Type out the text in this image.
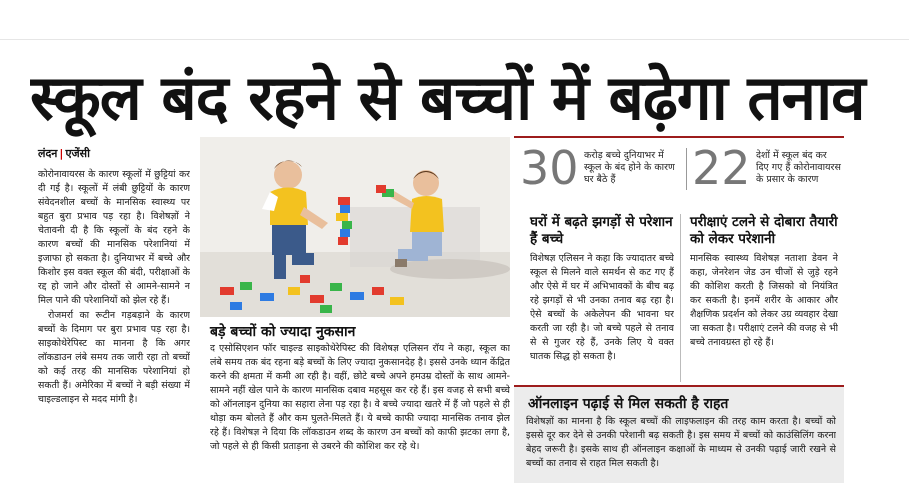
स्कूल बंद रहने से बच्चों में बढ़ेगा तनाव
लंदन | एजेंसी

कोरोनावायरस के कारण स्कूलों में छुट्टियां कर दी गई है। स्कूलों में लंबी छुट्टियों के कारण संवेदनशील बच्चों के मानसिक स्वास्थ्य पर बहुत बुरा प्रभाव पड़ रहा है। विशेषज्ञों ने चेतावनी दी है कि स्कूलों के बंद रहने के कारण बच्चों की मानसिक परेशानियां में इजाफा हो सकता है। दुनियाभर में बच्चे और किशोर इस वक्त स्कूल की बंदी, परीक्षाओं के रद्द हो जाने और दोस्तों से आमने-सामने न मिल पाने की परेशानियों को झेल रहे हैं।

रोजमर्रा का रूटीन गड़बड़ाने के कारण बच्चों के दिमाग पर बुरा प्रभाव पड़ रहा है। साइकोथेरेपिस्ट का मानना है कि अगर लॉकडाउन लंबे समय तक जारी रहा तो बच्चों को कई तरह की मानसिक परेशानियां हो सकती हैं। अमेरिका में बच्चों ने बड़ी संख्या में चाइल्डलाइन से मदद मांगी है।

बड़े बच्चों को ज्यादा नुकसान
द एसोसिएशन फॉर चाइल्ड साइकोथेरेपिस्ट की विशेषज्ञ एलिसन रॉय ने कहा, स्कूल का लंबे समय तक बंद रहना बड़े बच्चों के लिए ज्यादा नुकसानदेह है। इससे उनके ध्यान केंद्रित करने की क्षमता में कमी आ रही है। वहीं, छोटे बच्चे अपने हमउम्र दोस्तों के साथ आमने-सामने नहीं खेल पाने के कारण मानसिक दबाव महसूस कर रहे हैं। इस वजह से सभी बच्चे को ऑनलाइन दुनिया का सहारा लेना पड़ रहा है। वे बच्चे ज्यादा खतरे में हैं जो पहले से ही थोड़ा कम बोलते हैं और कम घुलते-मिलते हैं। ये बच्चे काफी ज्यादा मानसिक तनाव झेल रहे हैं। विशेषज्ञ ने दिया कि लॉकडाउन शब्द के कारण उन बच्चों को काफी झटका लगा है, जो पहले से ही किसी प्रताड़ना से उबरने की कोशिश कर रहे थे।
30 करोड़ बच्चे दुनियाभर में स्कूल के बंद होने के कारण घर बैठे हैं	22 देशों में स्कूल बंद कर दिए गए हैं कोरोनावायरस के प्रसार के कारण
घरों में बढ़ते झगड़ों से परेशान हैं बच्चे
विशेषज्ञ एलिसन ने कहा कि ज्यादातर बच्चे स्कूल से मिलने वाले समर्थन से कट गए हैं और ऐसे में घर में अभिभावकों के बीच बढ़ रहे झगड़ों से भी उनका तनाव बढ़ रहा है। ऐसे बच्चों के अकेलेपन की भावना घर करती जा रही है। जो बच्चे पहले से तनाव से से गुजर रहे हैं, उनके लिए ये वक्त घातक सिद्ध हो सकता है।
परीक्षाएं टलने से दोबारा तैयारी को लेकर परेशानी
मानसिक स्वास्थ्य विशेषज्ञ नताशा डेवन ने कहा, जेनरेशन जेड उन चीजों से जुड़े रहने की कोशिश करती है जिसको वो नियंत्रित कर सकती है। इनमें शरीर के आकार और शैक्षणिक प्रदर्शन को लेकर उग्र व्यवहार देखा जा सकता है। परीक्षाएं टलने की वजह से भी बच्चे तनावग्रस्त हो रहे हैं।
ऑनलाइन पढ़ाई से मिल सकती है राहत
विशेषज्ञों का मानना है कि स्कूल बच्चों की लाइफलाइन की तरह काम करता है। बच्चों को इससे दूर कर देने से उनकी परेशानी बढ़ सकती है। इस समय में बच्चों को काउंसिलिंग करना बेहद जरूरी है। इसके साथ ही ऑनलाइन कक्षाओं के माध्यम से उनकी पढ़ाई जारी रखने से बच्चों का तनाव से राहत मिल सकती है।
